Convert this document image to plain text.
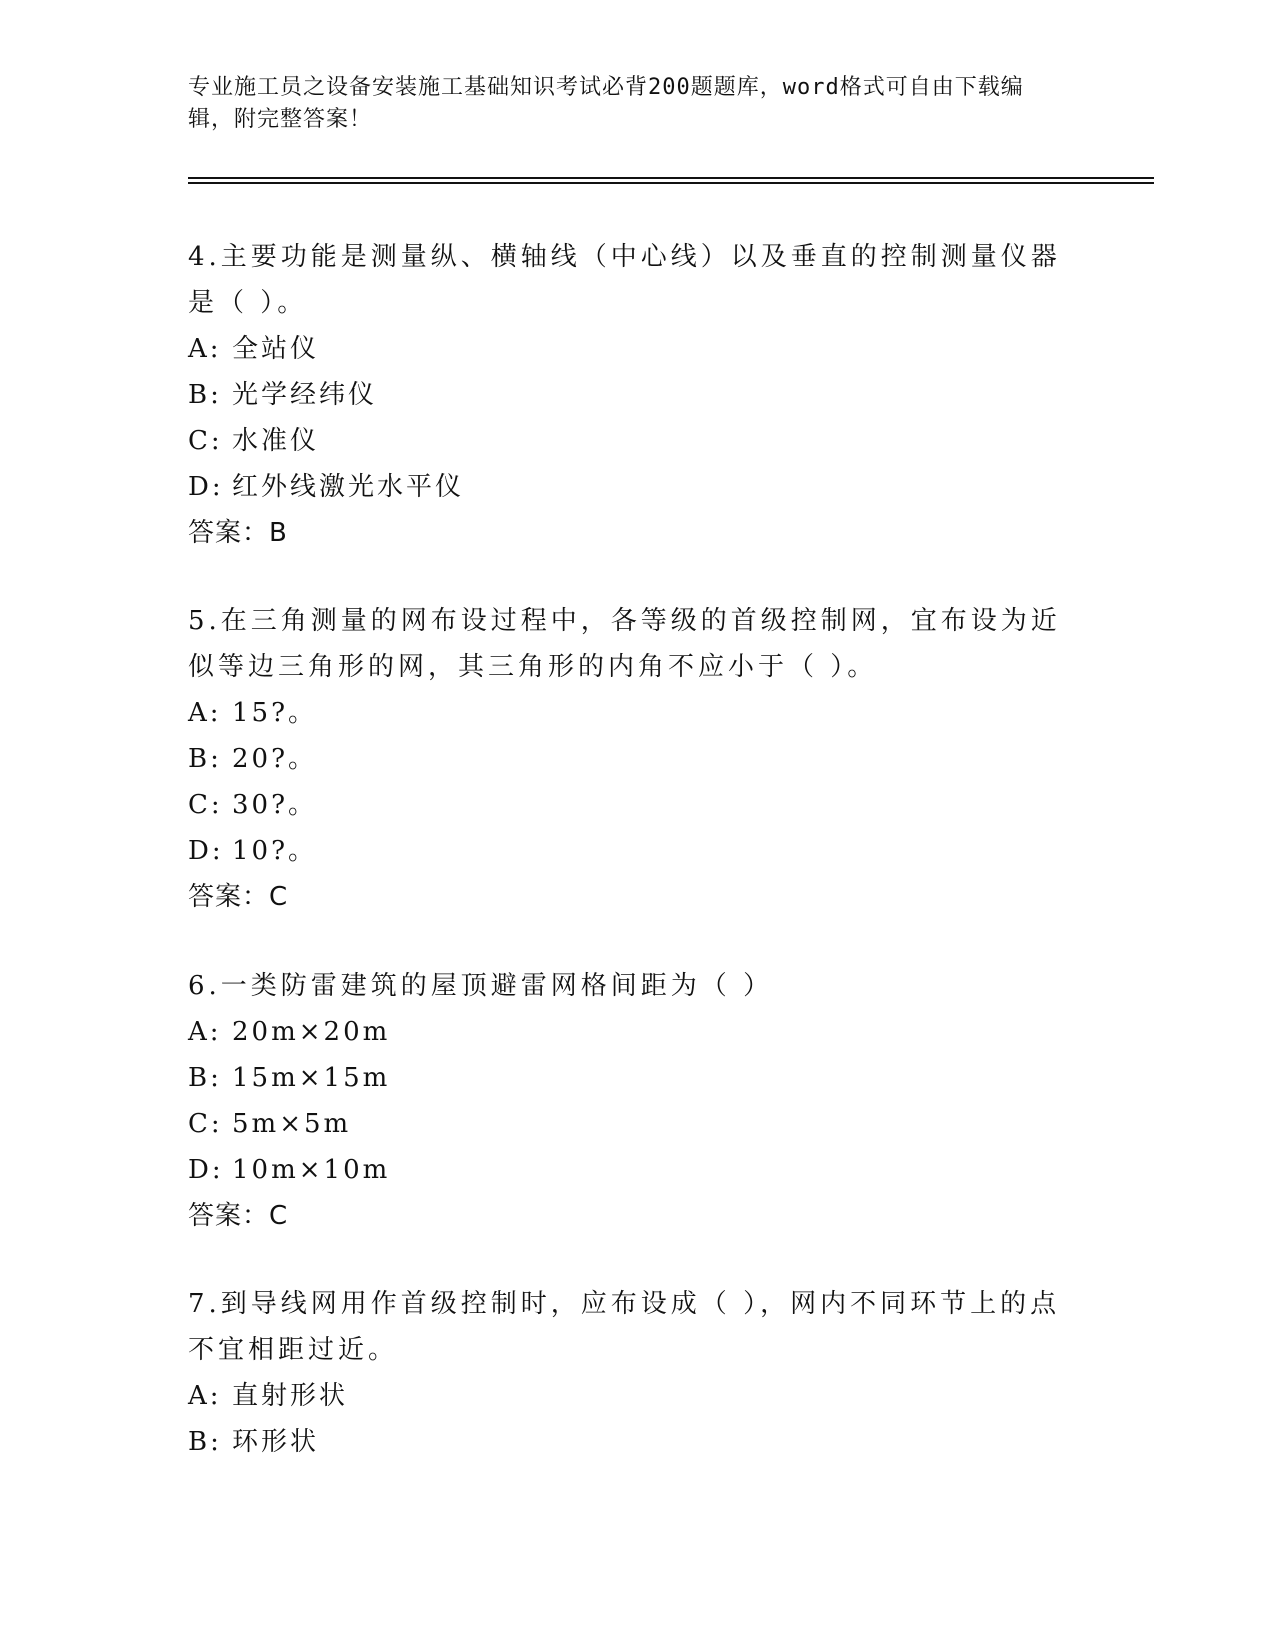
专业施工员之设备安装施工基础知识考试必背200题题库，word格式可自由下载编辑，附完整答案！
4.主要功能是测量纵、横轴线（中心线）以及垂直的控制测量仪器是（ ）。
A: 全站仪
B: 光学经纬仪
C: 水准仪
D: 红外线激光水平仪
答案：B
5.在三角测量的网布设过程中，各等级的首级控制网，宜布设为近似等边三角形的网，其三角形的内角不应小于（ ）。
A: 15?。
B: 20?。
C: 30?。
D: 10?。
答案：C
6.一类防雷建筑的屋顶避雷网格间距为（ ）
A: 20m×20m
B: 15m×15m
C: 5m×5m
D: 10m×10m
答案：C
7.到导线网用作首级控制时，应布设成（ ），网内不同环节上的点不宜相距过近。
A: 直射形状
B: 环形状
